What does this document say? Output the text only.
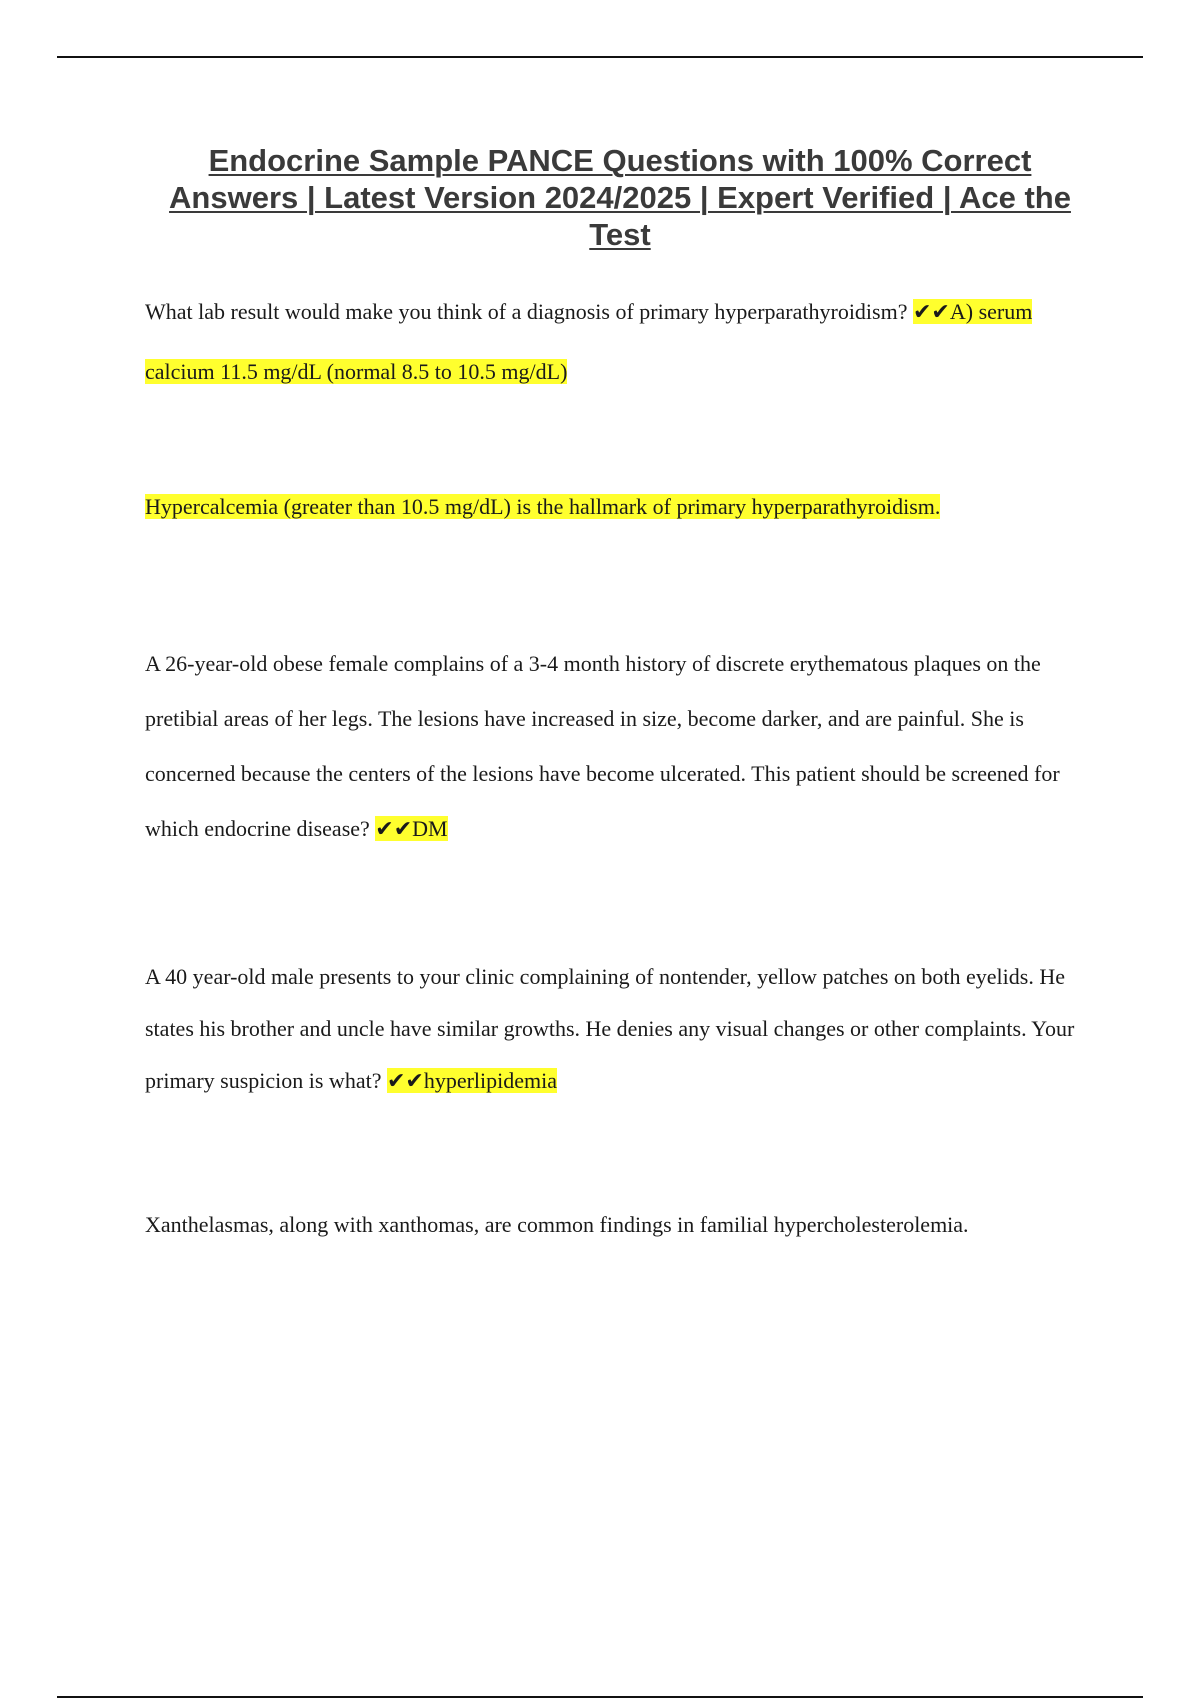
Endocrine Sample PANCE Questions with 100% Correct Answers | Latest Version 2024/2025 | Expert Verified | Ace the Test
What lab result would make you think of a diagnosis of primary hyperparathyroidism? ✔✔A) serum calcium 11.5 mg/dL (normal 8.5 to 10.5 mg/dL)
Hypercalcemia (greater than 10.5 mg/dL) is the hallmark of primary hyperparathyroidism.
A 26-year-old obese female complains of a 3-4 month history of discrete erythematous plaques on the pretibial areas of her legs. The lesions have increased in size, become darker, and are painful. She is concerned because the centers of the lesions have become ulcerated. This patient should be screened for which endocrine disease? ✔✔DM
A 40 year-old male presents to your clinic complaining of nontender, yellow patches on both eyelids. He states his brother and uncle have similar growths. He denies any visual changes or other complaints. Your primary suspicion is what? ✔✔hyperlipidemia
Xanthelasmas, along with xanthomas, are common findings in familial hypercholesterolemia.
